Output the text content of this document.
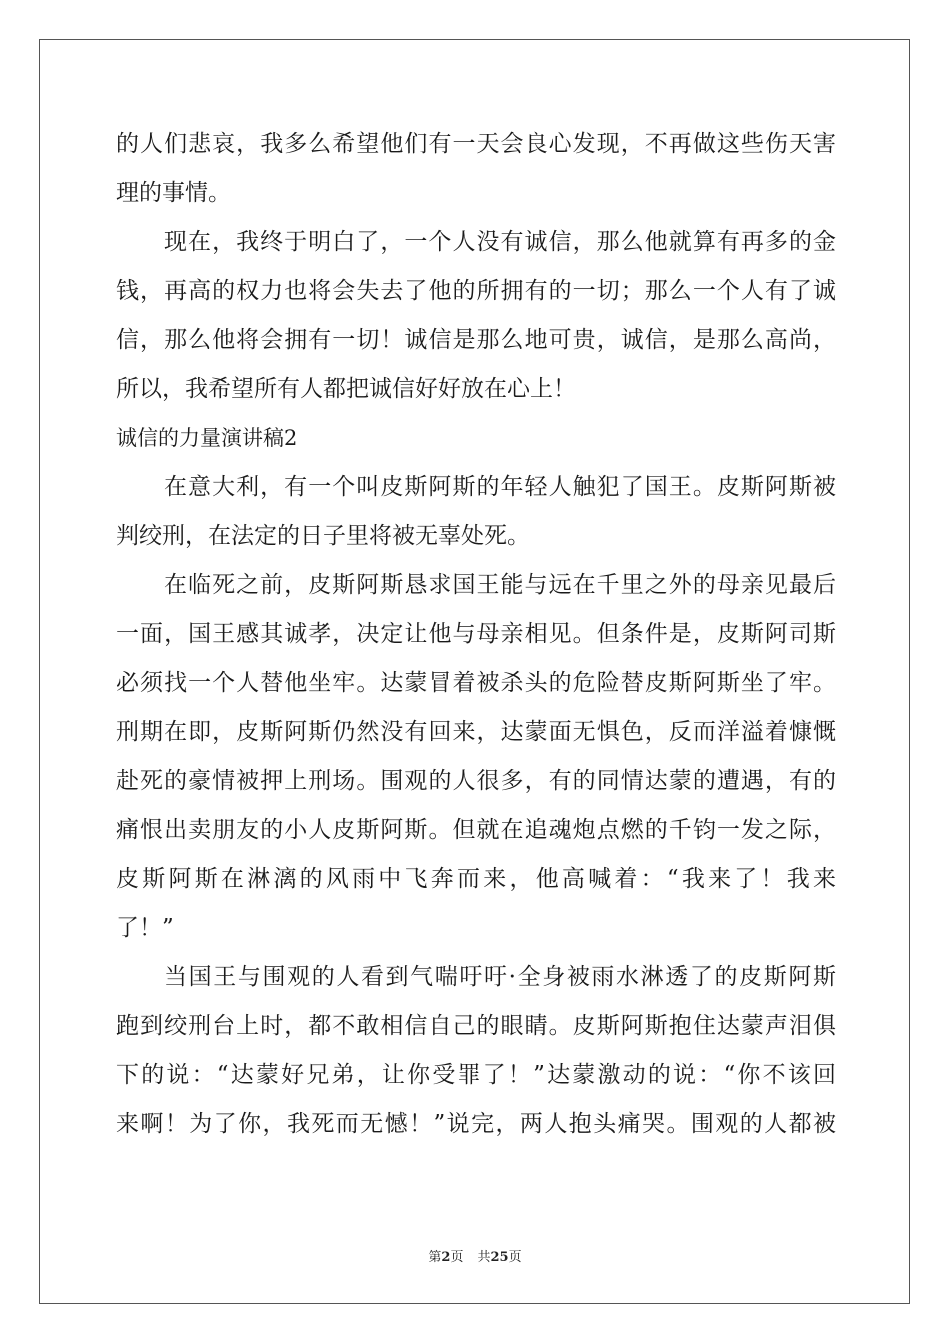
的人们悲哀，我多么希望他们有一天会良心发现，不再做这些伤天害
理的事情。
现在，我终于明白了，一个人没有诚信，那么他就算有再多的金
钱，再高的权力也将会失去了他的所拥有的一切；那么一个人有了诚
信，那么他将会拥有一切！诚信是那么地可贵，诚信，是那么高尚，
所以，我希望所有人都把诚信好好放在心上！
诚信的力量演讲稿2
在意大利，有一个叫皮斯阿斯的年轻人触犯了国王。皮斯阿斯被
判绞刑，在法定的日子里将被无辜处死。
在临死之前，皮斯阿斯恳求国王能与远在千里之外的母亲见最后
一面，国王感其诚孝，决定让他与母亲相见。但条件是，皮斯阿司斯
必须找一个人替他坐牢。达蒙冒着被杀头的危险替皮斯阿斯坐了牢。
刑期在即，皮斯阿斯仍然没有回来，达蒙面无惧色，反而洋溢着慷慨
赴死的豪情被押上刑场。围观的人很多，有的同情达蒙的遭遇，有的
痛恨出卖朋友的小人皮斯阿斯。但就在追魂炮点燃的千钧一发之际，
皮斯阿斯在淋漓的风雨中飞奔而来，他高喊着：“我来了！我来
了！”
当国王与围观的人看到气喘吁吁·全身被雨水淋透了的皮斯阿斯
跑到绞刑台上时，都不敢相信自己的眼睛。皮斯阿斯抱住达蒙声泪俱
下的说：“达蒙好兄弟，让你受罪了！”达蒙激动的说：“你不该回
来啊！为了你，我死而无憾！”说完，两人抱头痛哭。围观的人都被
第2页 共25页
